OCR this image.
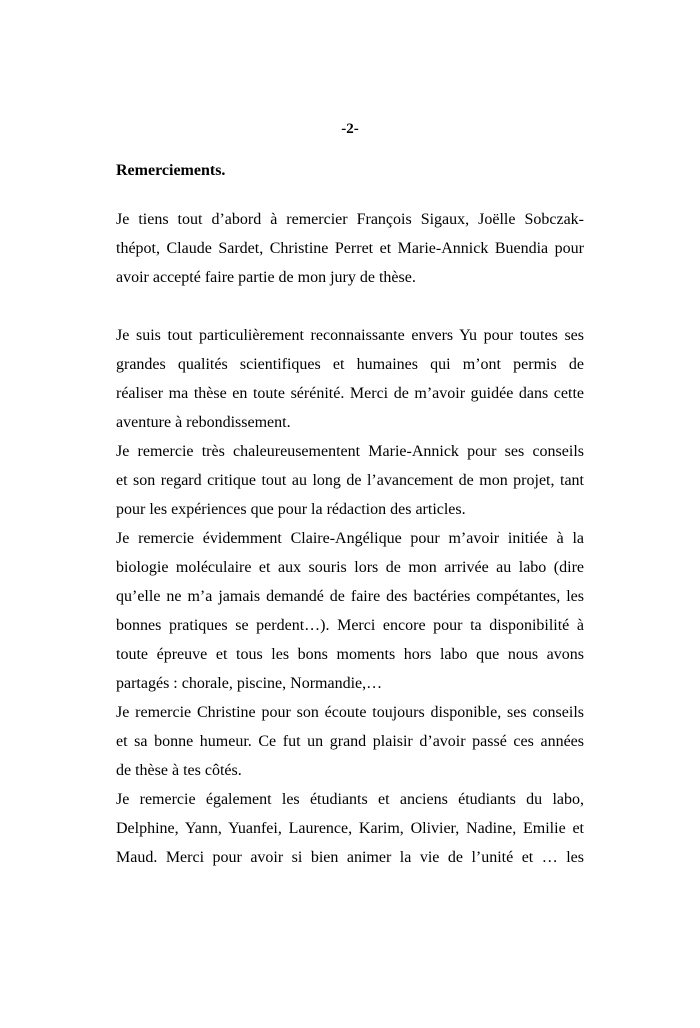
-2-
Remerciements.
Je tiens tout d’abord à remercier François Sigaux, Joëlle Sobczak-
thépot, Claude Sardet, Christine Perret et Marie-Annick Buendia pour
avoir accepté faire partie de mon jury de thèse.
Je suis tout particulièrement reconnaissante envers Yu pour toutes ses
grandes qualités scientifiques et humaines qui m’ont permis de
réaliser ma thèse en toute sérénité. Merci de m’avoir guidée dans cette
aventure à rebondissement.
Je remercie très chaleureusementent Marie-Annick pour ses conseils
et son regard critique tout au long de l’avancement de mon projet, tant
pour les expériences que pour la rédaction des articles.
Je remercie évidemment Claire-Angélique pour m’avoir initiée à la
biologie moléculaire et aux souris lors de mon arrivée au labo (dire
qu’elle ne m’a jamais demandé de faire des bactéries compétantes, les
bonnes pratiques se perdent…). Merci encore pour ta disponibilité à
toute épreuve et tous les bons moments hors labo que nous avons
partagés : chorale, piscine, Normandie,…
Je remercie Christine pour son écoute toujours disponible, ses conseils
et sa bonne humeur. Ce fut un grand plaisir d’avoir passé ces années
de thèse à tes côtés.
Je remercie également les étudiants et anciens étudiants du labo,
Delphine, Yann, Yuanfei, Laurence, Karim, Olivier, Nadine, Emilie et
Maud. Merci pour avoir si bien animer la vie de l’unité et … les
